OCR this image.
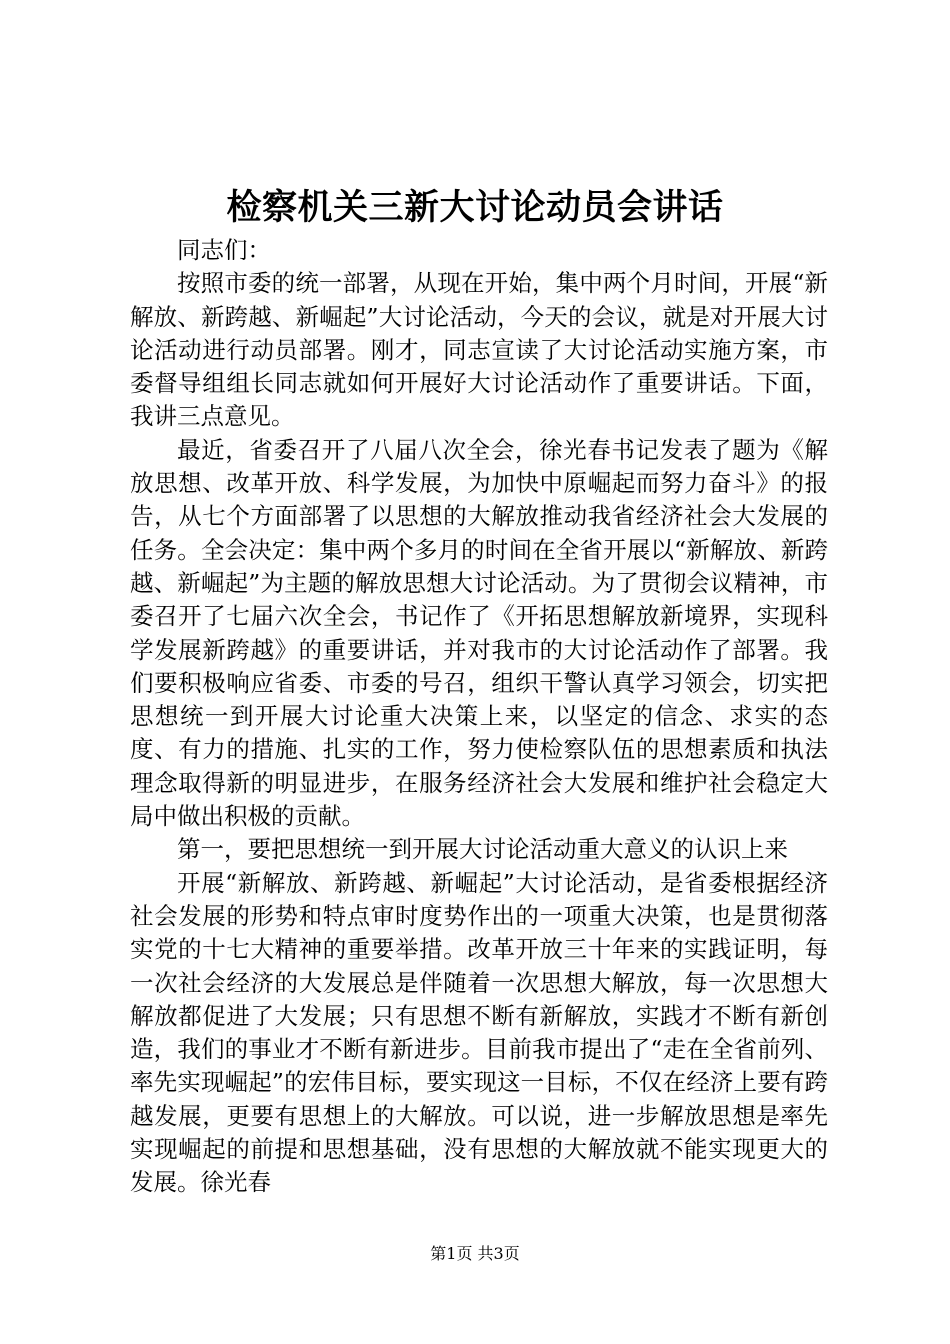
检察机关三新大讨论动员会讲话

同志们：

按照市委的统一部署，从现在开始，集中两个月时间，开展“新解放、新跨越、新崛起”大讨论活动，今天的会议，就是对开展大讨论活动进行动员部署。刚才，同志宣读了大讨论活动实施方案，市委督导组组长同志就如何开展好大讨论活动作了重要讲话。下面，我讲三点意见。

最近，省委召开了八届八次全会，徐光春书记发表了题为《解放思想、改革开放、科学发展，为加快中原崛起而努力奋斗》的报告，从七个方面部署了以思想的大解放推动我省经济社会大发展的任务。全会决定：集中两个多月的时间在全省开展以“新解放、新跨越、新崛起”为主题的解放思想大讨论活动。为了贯彻会议精神，市委召开了七届六次全会，书记作了《开拓思想解放新境界，实现科学发展新跨越》的重要讲话，并对我市的大讨论活动作了部署。我们要积极响应省委、市委的号召，组织干警认真学习领会，切实把思想统一到开展大讨论重大决策上来，以坚定的信念、求实的态度、有力的措施、扎实的工作，努力使检察队伍的思想素质和执法理念取得新的明显进步，在服务经济社会大发展和维护社会稳定大局中做出积极的贡献。

第一，要把思想统一到开展大讨论活动重大意义的认识上来

开展“新解放、新跨越、新崛起”大讨论活动，是省委根据经济社会发展的形势和特点审时度势作出的一项重大决策，也是贯彻落实党的十七大精神的重要举措。改革开放三十年来的实践证明，每一次社会经济的大发展总是伴随着一次思想大解放，每一次思想大解放都促进了大发展；只有思想不断有新解放，实践才不断有新创造，我们的事业才不断有新进步。目前我市提出了“走在全省前列、率先实现崛起”的宏伟目标，要实现这一目标，不仅在经济上要有跨越发展，更要有思想上的大解放。可以说，进一步解放思想是率先实现崛起的前提和思想基础，没有思想的大解放就不能实现更大的发展。徐光春

第1页 共3页
